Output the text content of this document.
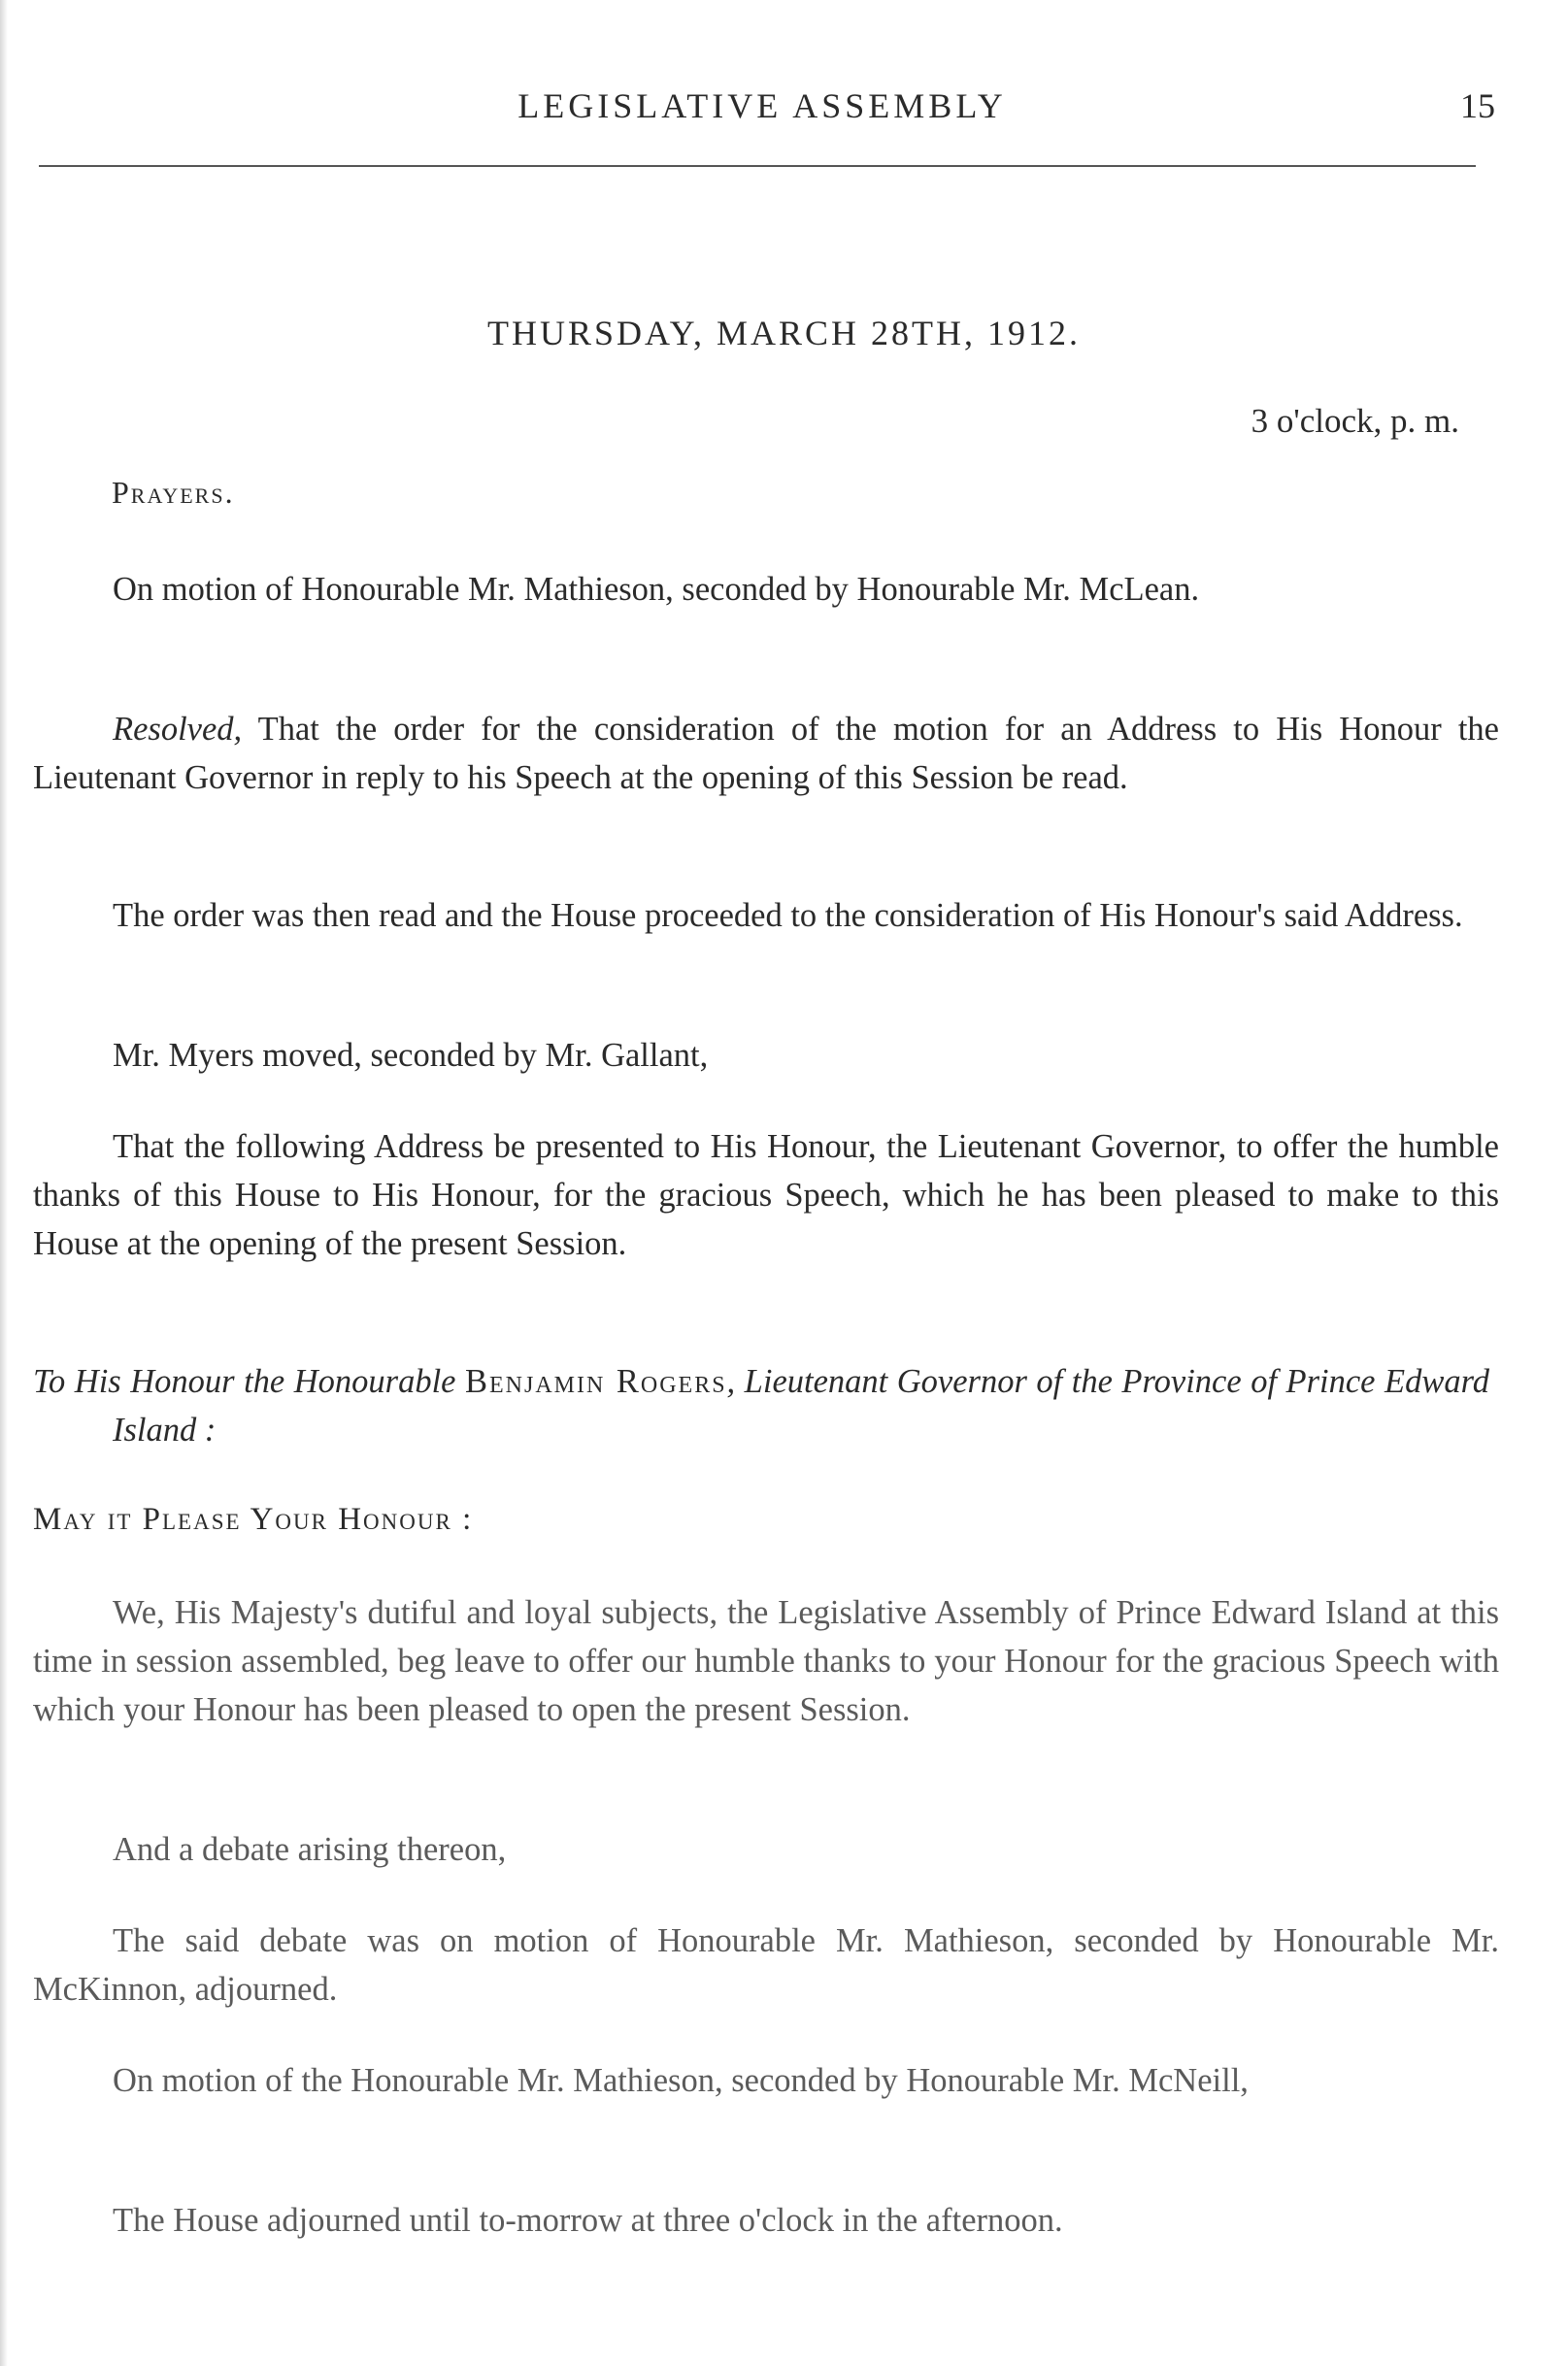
LEGISLATIVE ASSEMBLY	15
THURSDAY, MARCH 28TH, 1912.
3 o'clock, p. m.

Prayers.

On motion of Honourable Mr. Mathieson, seconded by Honourable Mr. McLean.

Resolved, That the order for the consideration of the motion for an Address to His Honour the Lieutenant Governor in reply to his Speech at the opening of this Session be read.

The order was then read and the House proceeded to the consideration of His Honour's said Address.

Mr. Myers moved, seconded by Mr. Gallant,

That the following Address be presented to His Honour, the Lieutenant Governor, to offer the humble thanks of this House to His Honour, for the gracious Speech, which he has been pleased to make to this House at the opening of the present Session.

To His Honour the Honourable Benjamin Rogers, Lieutenant Governor of the Province of Prince Edward Island :

May it Please Your Honour :

We, His Majesty's dutiful and loyal subjects, the Legislative Assembly of Prince Edward Island at this time in session assembled, beg leave to offer our humble thanks to your Honour for the gracious Speech with which your Honour has been pleased to open the present Session.

And a debate arising thereon,

The said debate was on motion of Honourable Mr. Mathieson, seconded by Honourable Mr. McKinnon, adjourned.

On motion of the Honourable Mr. Mathieson, seconded by Honourable Mr. McNeill,

The House adjourned until to-morrow at three o'clock in the afternoon.
